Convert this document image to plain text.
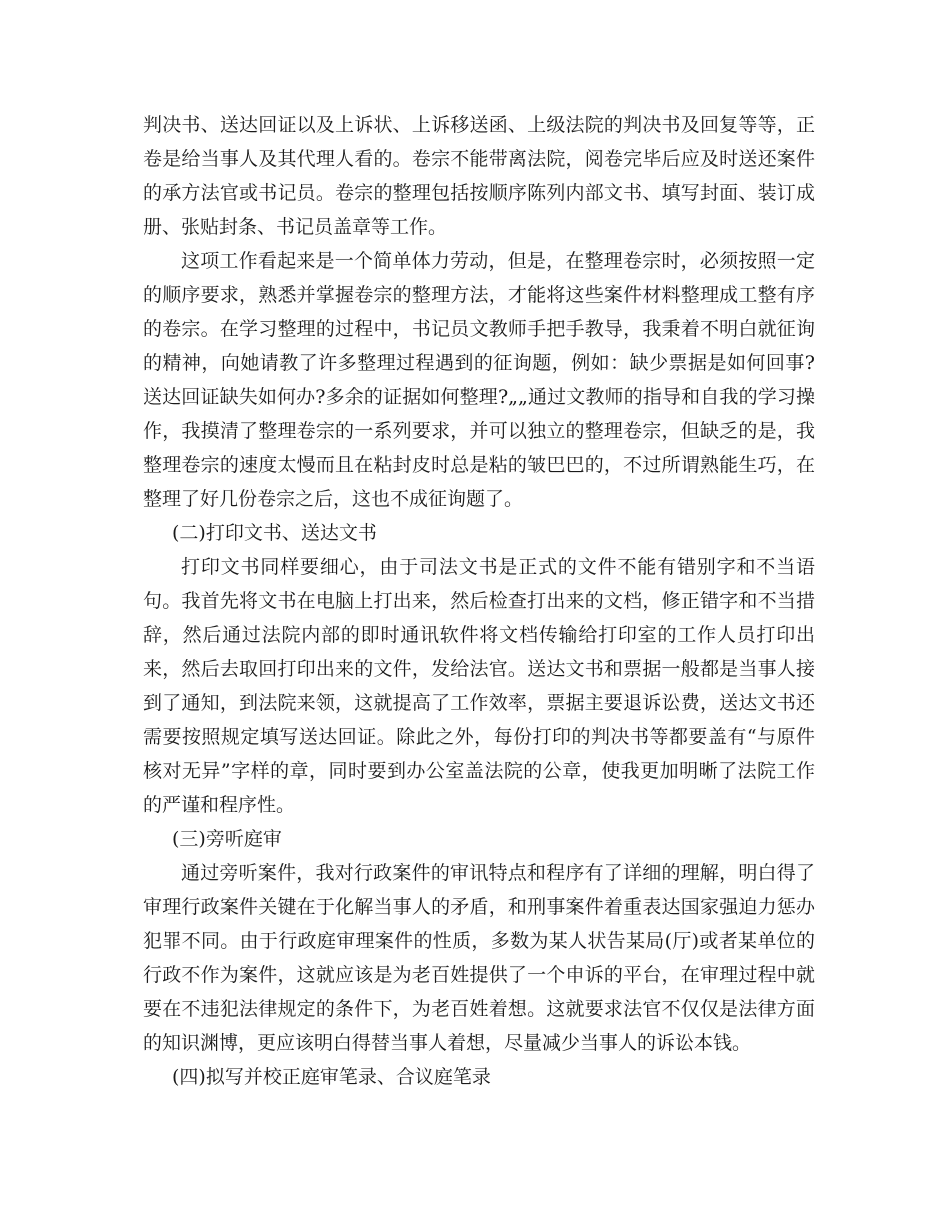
判决书、送达回证以及上诉状、上诉移送函、上级法院的判决书及回复等等，正卷是给当事人及其代理人看的。卷宗不能带离法院，阅卷完毕后应及时送还案件的承方法官或书记员。卷宗的整理包括按顺序陈列内部文书、填写封面、装订成册、张贴封条、书记员盖章等工作。

这项工作看起来是一个简单体力劳动，但是，在整理卷宗时，必须按照一定的顺序要求，熟悉并掌握卷宗的整理方法，才能将这些案件材料整理成工整有序的卷宗。在学习整理的过程中，书记员文教师手把手教导，我秉着不明白就征询的精神，向她请教了许多整理过程遇到的征询题，例如：缺少票据是如何回事?送达回证缺失如何办?多余的证据如何整理?„„通过文教师的指导和自我的学习操作，我摸清了整理卷宗的一系列要求，并可以独立的整理卷宗，但缺乏的是，我整理卷宗的速度太慢而且在粘封皮时总是粘的皱巴巴的，不过所谓熟能生巧，在整理了好几份卷宗之后，这也不成征询题了。

(二)打印文书、送达文书

打印文书同样要细心，由于司法文书是正式的文件不能有错别字和不当语句。我首先将文书在电脑上打出来，然后检查打出来的文档，修正错字和不当措辞，然后通过法院内部的即时通讯软件将文档传输给打印室的工作人员打印出来，然后去取回打印出来的文件，发给法官。送达文书和票据一般都是当事人接到了通知，到法院来领，这就提高了工作效率，票据主要退诉讼费，送达文书还需要按照规定填写送达回证。除此之外，每份打印的判决书等都要盖有“与原件核对无异”字样的章，同时要到办公室盖法院的公章，使我更加明晰了法院工作的严谨和程序性。

(三)旁听庭审

通过旁听案件，我对行政案件的审讯特点和程序有了详细的理解，明白得了审理行政案件关键在于化解当事人的矛盾，和刑事案件着重表达国家强迫力惩办犯罪不同。由于行政庭审理案件的性质，多数为某人状告某局(厅)或者某单位的行政不作为案件，这就应该是为老百姓提供了一个申诉的平台，在审理过程中就要在不违犯法律规定的条件下，为老百姓着想。这就要求法官不仅仅是法律方面的知识渊博，更应该明白得替当事人着想，尽量减少当事人的诉讼本钱。

(四)拟写并校正庭审笔录、合议庭笔录
